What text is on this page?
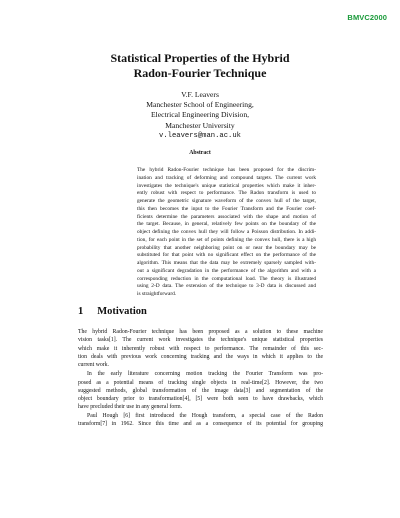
BMVC2000
Statistical Properties of the Hybrid
Radon-Fourier Technique
V.F. Leavers
Manchester School of Engineering,
Electrical Engineering Division,
Manchester University
v.leavers@man.ac.uk
Abstract
The hybrid Radon-Fourier technique has been proposed for the discrim-
ination and tracking of deforming and compound targets. The current work
investigates the technique's unique statistical properties which make it inher-
ently robust with respect to performance. The Radon transform is used to
generate the geometric signature waveform of the convex hull of the target,
this then becomes the input to the Fourier Transform and the Fourier coef-
ficients determine the parameters associated with the shape and motion of
the target. Because, in general, relatively few points on the boundary of the
object defining the convex hull they will follow a Poisson distribution. In addi-
tion, for each point in the set of points defining the convex hull, there is a high
probability that another neighboring point on or near the boundary may be
substituted for that point with no significant effect on the performance of the
algorithm. This means that the data may be extremely sparsely sampled with-
out a significant degradation in the performance of the algorithm and with a
corresponding reduction in the computational load. The theory is illustrated
using 2-D data. The extension of the technique to 3-D data is discussed and
is straightforward.
1 Motivation
The hybrid Radon-Fourier technique has been proposed as a solution to these machine
vision tasks[1]. The current work investigates the technique's unique statistical properties
which make it inherently robust with respect to performance. The remainder of this sec-
tion deals with previous work concerning tracking and the ways in which it applies to the
current work.
In the early literature concerning motion tracking the Fourier Transform was pro-
posed as a potential means of tracking single objects in real-time[2]. However, the two
suggested methods, global transformation of the image data[3] and segmentation of the
object boundary prior to transformation[4], [5] were both seen to have drawbacks, which
have precluded their use in any general form.
Paul Hough [6] first introduced the Hough transform, a special case of the Radon
transform[7] in 1962. Since this time and as a consequence of its potential for grouping
